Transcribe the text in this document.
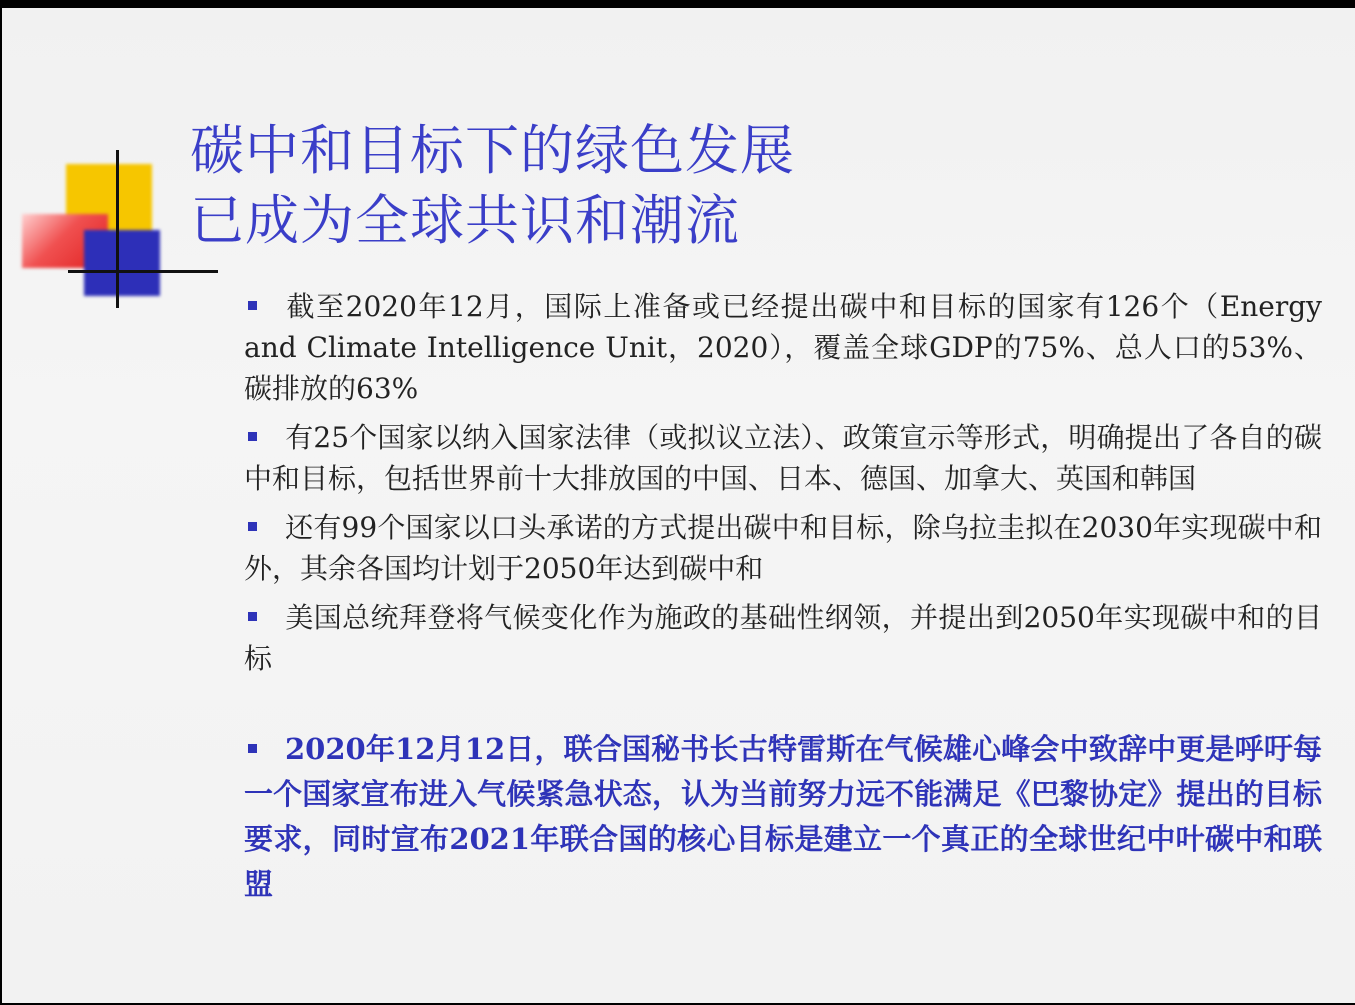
碳中和目标下的绿色发展
已成为全球共识和潮流
截至2020年12月，国际上准备或已经提出碳中和目标的国家有126个（Energy and Climate Intelligence Unit，2020），覆盖全球GDP的75%、总人口的53%、碳排放的63%
有25个国家以纳入国家法律（或拟议立法）、政策宣示等形式，明确提出了各自的碳中和目标，包括世界前十大排放国的中国、日本、德国、加拿大、英国和韩国
还有99个国家以口头承诺的方式提出碳中和目标，除乌拉圭拟在2030年实现碳中和外，其余各国均计划于2050年达到碳中和
美国总统拜登将气候变化作为施政的基础性纲领，并提出到2050年实现碳中和的目标
2020年12月12日，联合国秘书长古特雷斯在气候雄心峰会中致辞中更是呼吁每一个国家宣布进入气候紧急状态，认为当前努力远不能满足《巴黎协定》提出的目标要求，同时宣布2021年联合国的核心目标是建立一个真正的全球世纪中叶碳中和联盟
